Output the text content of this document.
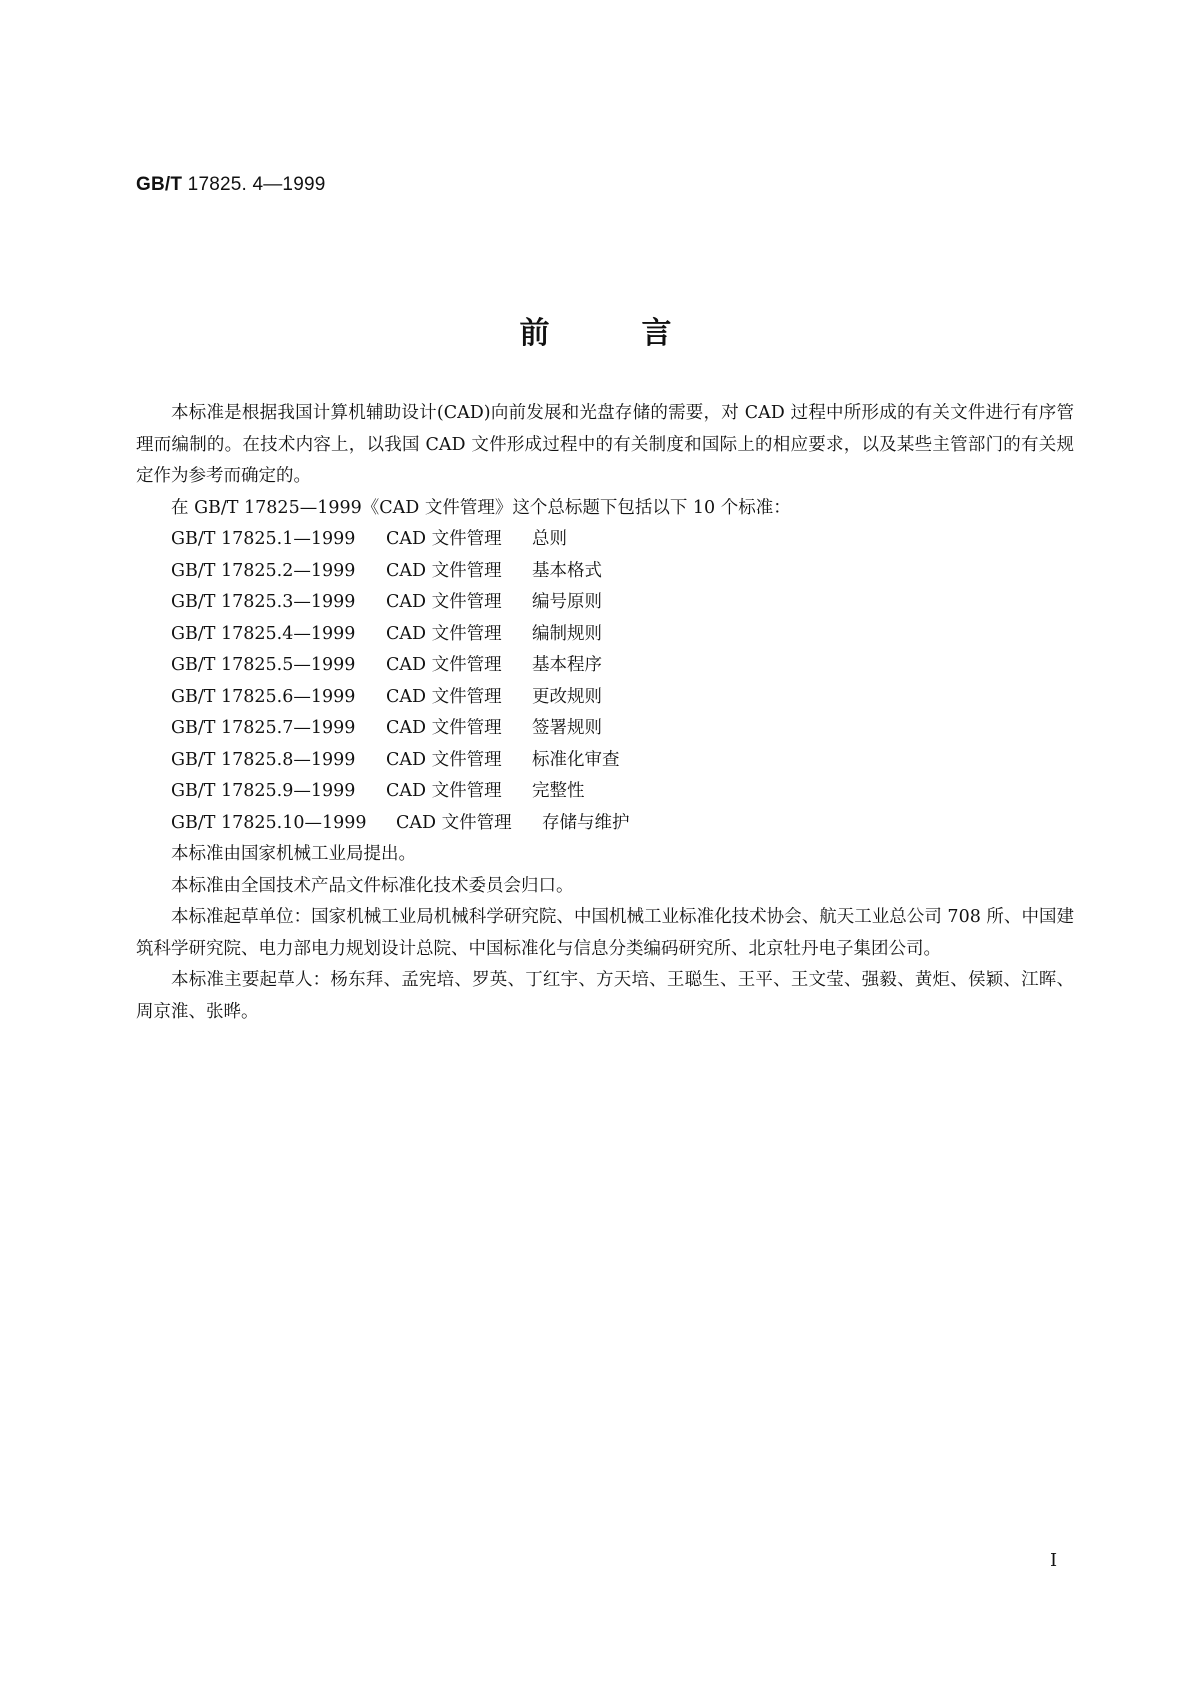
GB/T 17825. 4—1999
前言

本标准是根据我国计算机辅助设计(CAD)向前发展和光盘存储的需要，对 CAD 过程中所形成的有关文件进行有序管理而编制的。在技术内容上，以我国 CAD 文件形成过程中的有关制度和国际上的相应要求，以及某些主管部门的有关规定作为参考而确定的。

在 GB/T 17825—1999《CAD 文件管理》这个总标题下包括以下 10 个标准：

GB/T 17825.1—1999 CAD 文件管理 总则
GB/T 17825.2—1999 CAD 文件管理 基本格式
GB/T 17825.3—1999 CAD 文件管理 编号原则
GB/T 17825.4—1999 CAD 文件管理 编制规则
GB/T 17825.5—1999 CAD 文件管理 基本程序
GB/T 17825.6—1999 CAD 文件管理 更改规则
GB/T 17825.7—1999 CAD 文件管理 签署规则
GB/T 17825.8—1999 CAD 文件管理 标准化审查
GB/T 17825.9—1999 CAD 文件管理 完整性
GB/T 17825.10—1999 CAD 文件管理 存储与维护

本标准由国家机械工业局提出。

本标准由全国技术产品文件标准化技术委员会归口。

本标准起草单位：国家机械工业局机械科学研究院、中国机械工业标准化技术协会、航天工业总公司 708 所、中国建筑科学研究院、电力部电力规划设计总院、中国标准化与信息分类编码研究所、北京牡丹电子集团公司。

本标准主要起草人：杨东拜、孟宪培、罗英、丁红宇、方天培、王聪生、王平、王文莹、强毅、黄炬、侯颖、江晖、周京淮、张晔。

I
